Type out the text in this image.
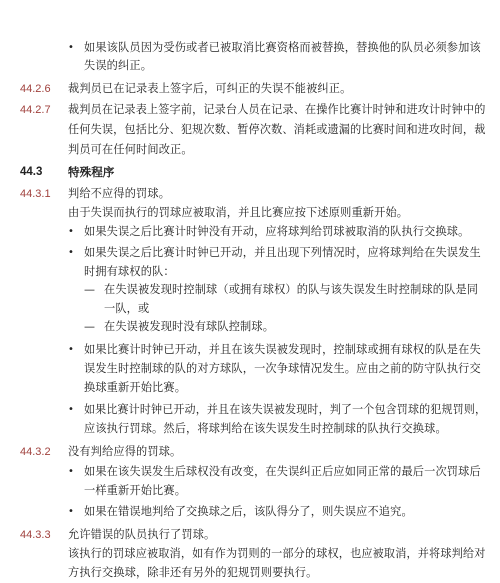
• 如果该队员因为受伤或者已被取消比赛资格而被替换，替换他的队员必须参加该
失误的纠正。
44.2.6 裁判员已在记录表上签字后，可纠正的失误不能被纠正。
44.2.7 裁判员在记录表上签字前，记录台人员在记录、在操作比赛计时钟和进攻计时钟中的
任何失误，包括比分、犯规次数、暂停次数、消耗或遗漏的比赛时间和进攻时间，裁
判员可在任何时间改正。
44.3 特殊程序
44.3.1 判给不应得的罚球。
由于失误而执行的罚球应被取消，并且比赛应按下述原则重新开始。
• 如果失误之后比赛计时钟没有开动，应将球判给罚球被取消的队执行交换球。
• 如果失误之后比赛计时钟已开动，并且出现下列情况时，应将球判给在失误发生
时拥有球权的队：
— 在失误被发现时控制球（或拥有球权）的队与该失误发生时控制球的队是同
一队，或
— 在失误被发现时没有球队控制球。
• 如果比赛计时钟已开动，并且在该失误被发现时，控制球或拥有球权的队是在失
误发生时控制球的队的对方球队，一次争球情况发生。应由之前的防守队执行交
换球重新开始比赛。
• 如果比赛计时钟已开动，并且在该失误被发现时，判了一个包含罚球的犯规罚则，
应该执行罚球。然后，将球判给在该失误发生时控制球的队执行交换球。
44.3.2 没有判给应得的罚球。
• 如果在该失误发生后球权没有改变，在失误纠正后应如同正常的最后一次罚球后
一样重新开始比赛。
• 如果在错误地判给了交换球之后，该队得分了，则失误应不追究。
44.3.3 允许错误的队员执行了罚球。
该执行的罚球应被取消，如有作为罚则的一部分的球权，也应被取消，并将球判给对
方执行交换球，除非还有另外的犯规罚则要执行。
